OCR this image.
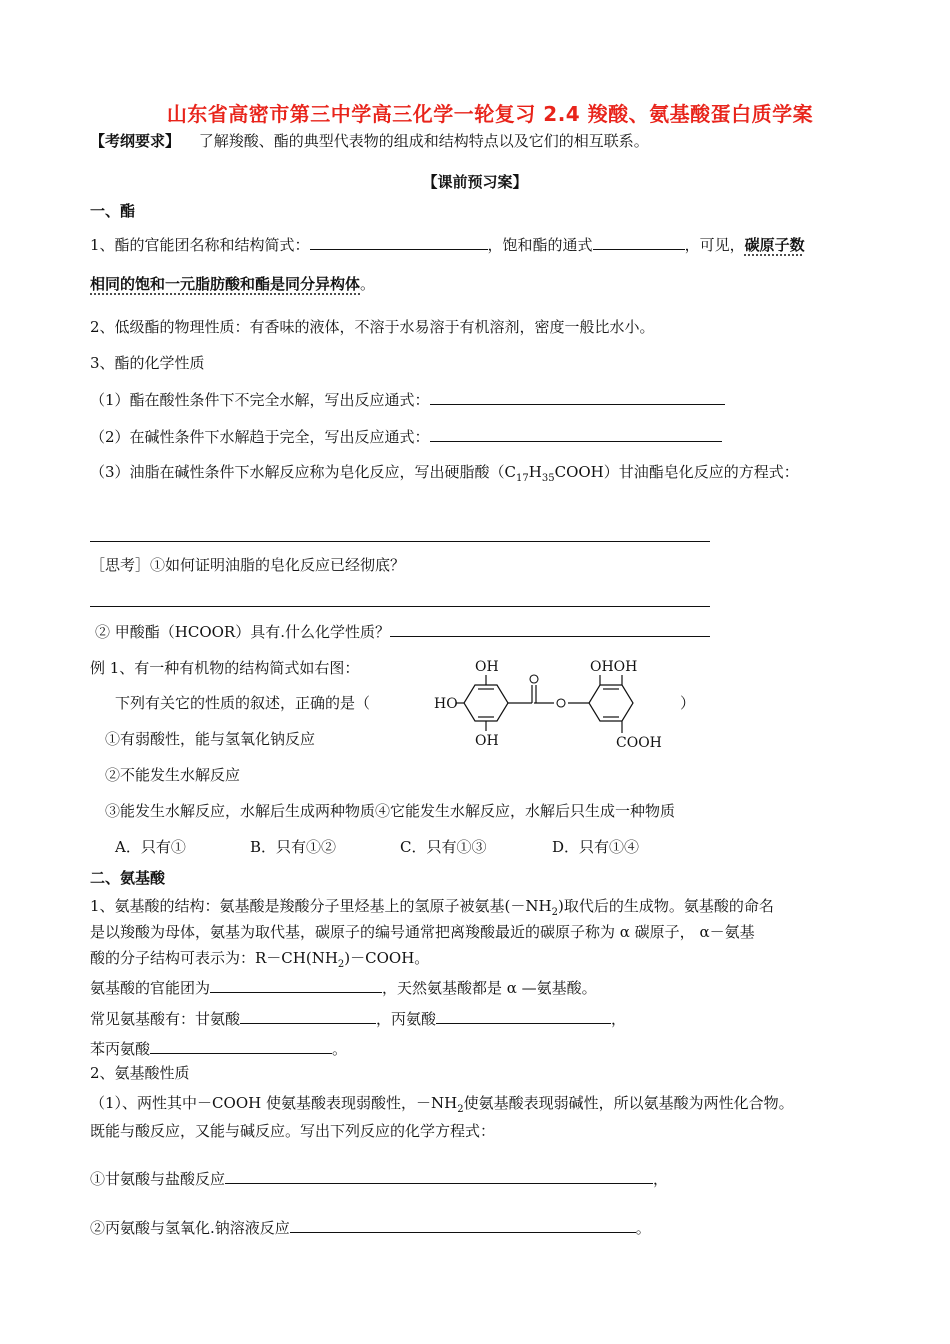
山东省高密市第三中学高三化学一轮复习 2.4 羧酸、氨基酸蛋白质学案
【考纲要求】 了解羧酸、酯的典型代表物的组成和结构特点以及它们的相互联系。
【课前预习案】
一、酯
1、酯的官能团名称和结构简式：	，饱和酯的通式	，可见，碳原子数
相同的饱和一元脂肪酸和酯是同分异构体。
2、低级酯的物理性质：有香味的液体，不溶于水易溶于有机溶剂，密度一般比水小。
3、酯的化学性质
（1）酯在酸性条件下不完全水解，写出反应通式：
（2）在碱性条件下水解趋于完全，写出反应通式：
（3）油脂在碱性条件下水解反应称为皂化反应，写出硬脂酸$(C_{17}H_{35}COOH)$甘油酯皂化反应的方程式：
［思考］①如何证明油脂的皂化反应已经彻底？
② 甲酸酯（HCOOR）具有.什么化学性质？
例 1、有一种有机物的结构简式如右图：
下列有关它的性质的叙述，正确的是（	）
OH
HO
OH
OHOH
COOH
①有弱酸性，能与氢氧化钠反应
②不能发生水解反应
③能发生水解反应，水解后生成两种物质④它能发生水解反应，水解后只生成一种物质
A．只有①	B．只有①②	C．只有①③	D．只有①④
二、氨基酸
1、氨基酸的结构：氨基酸是羧酸分子里烃基上的氢原子被氨基$(-NH_2)$取代后的生成物。氨基酸的命名
是以羧酸为母体，氨基为取代基，碳原子的编号通常把离羧酸最近的碳原子称为 α 碳原子， α－氨基
酸的分子结构可表示为：$R-CH(NH_2)-COOH$。
氨基酸的官能团为	，天然氨基酸都是 α —氨基酸。
常见氨基酸有：甘氨酸	，丙氨酸	，
苯丙氨酸	。
2、氨基酸性质
（1）、两性其中－COOH 使氨基酸表现弱酸性，$-NH_2$使氨基酸表现弱碱性，所以氨基酸为两性化合物。
既能与酸反应，又能与碱反应。写出下列反应的化学方程式：
①甘氨酸与盐酸反应	，
②丙氨酸与氢氧化.钠溶液反应	。
